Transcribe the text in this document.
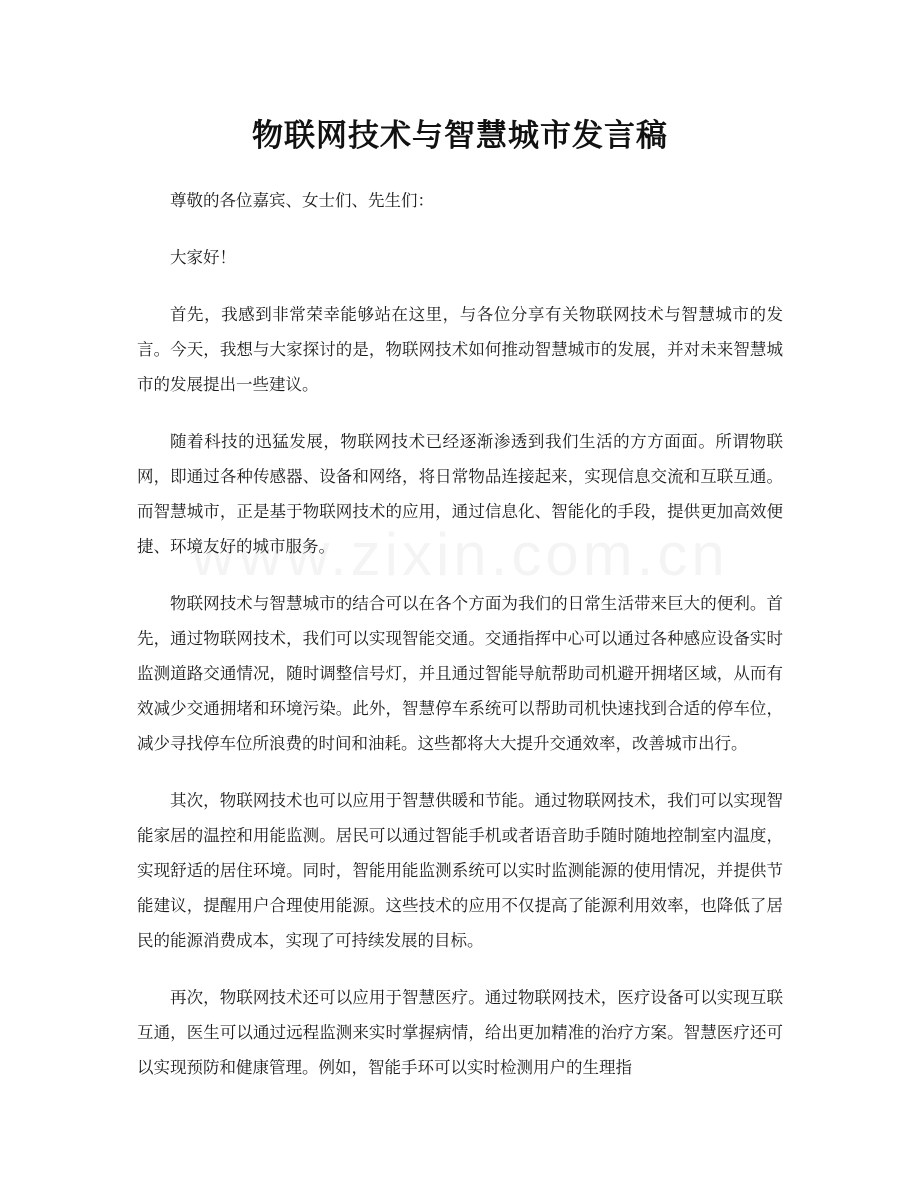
物联网技术与智慧城市发言稿

尊敬的各位嘉宾、女士们、先生们：

大家好！

首先，我感到非常荣幸能够站在这里，与各位分享有关物联网技术与智慧城市的发言。今天，我想与大家探讨的是，物联网技术如何推动智慧城市的发展，并对未来智慧城市的发展提出一些建议。

随着科技的迅猛发展，物联网技术已经逐渐渗透到我们生活的方方面面。所谓物联网，即通过各种传感器、设备和网络，将日常物品连接起来，实现信息交流和互联互通。而智慧城市，正是基于物联网技术的应用，通过信息化、智能化的手段，提供更加高效便捷、环境友好的城市服务。

物联网技术与智慧城市的结合可以在各个方面为我们的日常生活带来巨大的便利。首先，通过物联网技术，我们可以实现智能交通。交通指挥中心可以通过各种感应设备实时监测道路交通情况，随时调整信号灯，并且通过智能导航帮助司机避开拥堵区域，从而有效减少交通拥堵和环境污染。此外，智慧停车系统可以帮助司机快速找到合适的停车位，减少寻找停车位所浪费的时间和油耗。这些都将大大提升交通效率，改善城市出行。

其次，物联网技术也可以应用于智慧供暖和节能。通过物联网技术，我们可以实现智能家居的温控和用能监测。居民可以通过智能手机或者语音助手随时随地控制室内温度，实现舒适的居住环境。同时，智能用能监测系统可以实时监测能源的使用情况，并提供节能建议，提醒用户合理使用能源。这些技术的应用不仅提高了能源利用效率，也降低了居民的能源消费成本，实现了可持续发展的目标。

再次，物联网技术还可以应用于智慧医疗。通过物联网技术，医疗设备可以实现互联互通，医生可以通过远程监测来实时掌握病情，给出更加精准的治疗方案。智慧医疗还可以实现预防和健康管理。例如，智能手环可以实时检测用户的生理指
